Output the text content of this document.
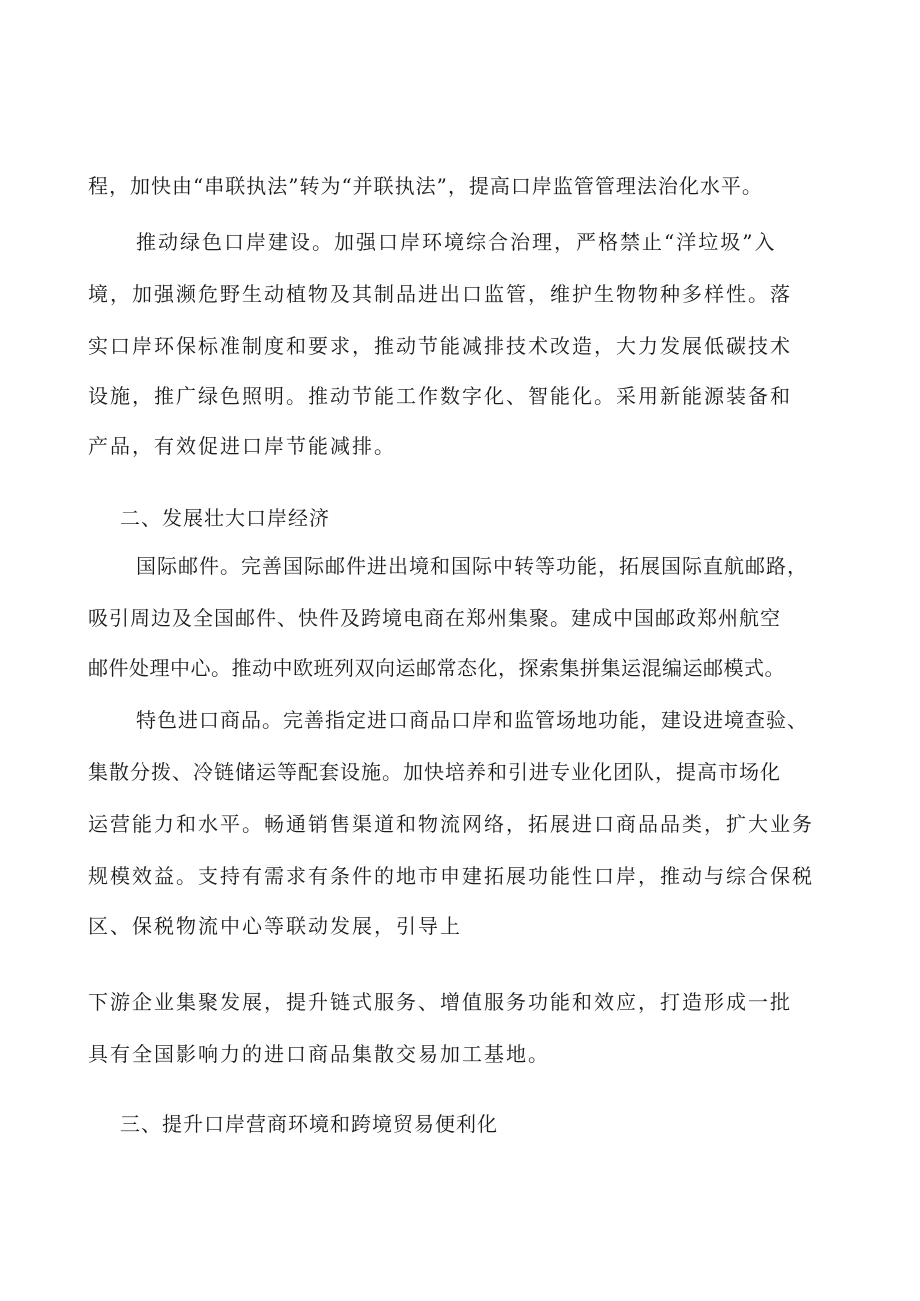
程，加快由“串联执法”转为“并联执法”，提高口岸监管管理法治化水平。
推动绿色口岸建设。加强口岸环境综合治理，严格禁止“洋垃圾”入
境，加强濒危野生动植物及其制品进出口监管，维护生物物种多样性。落
实口岸环保标准制度和要求，推动节能减排技术改造，大力发展低碳技术
设施，推广绿色照明。推动节能工作数字化、智能化。采用新能源装备和
产品，有效促进口岸节能减排。
二、发展壮大口岸经济
国际邮件。完善国际邮件进出境和国际中转等功能，拓展国际直航邮路，
吸引周边及全国邮件、快件及跨境电商在郑州集聚。建成中国邮政郑州航空
邮件处理中心。推动中欧班列双向运邮常态化，探索集拼集运混编运邮模式。
特色进口商品。完善指定进口商品口岸和监管场地功能，建设进境查验、
集散分拨、冷链储运等配套设施。加快培养和引进专业化团队，提高市场化
运营能力和水平。畅通销售渠道和物流网络，拓展进口商品品类，扩大业务
规模效益。支持有需求有条件的地市申建拓展功能性口岸，推动与综合保税
区、保税物流中心等联动发展，引导上
下游企业集聚发展，提升链式服务、增值服务功能和效应，打造形成一批
具有全国影响力的进口商品集散交易加工基地。
三、提升口岸营商环境和跨境贸易便利化
